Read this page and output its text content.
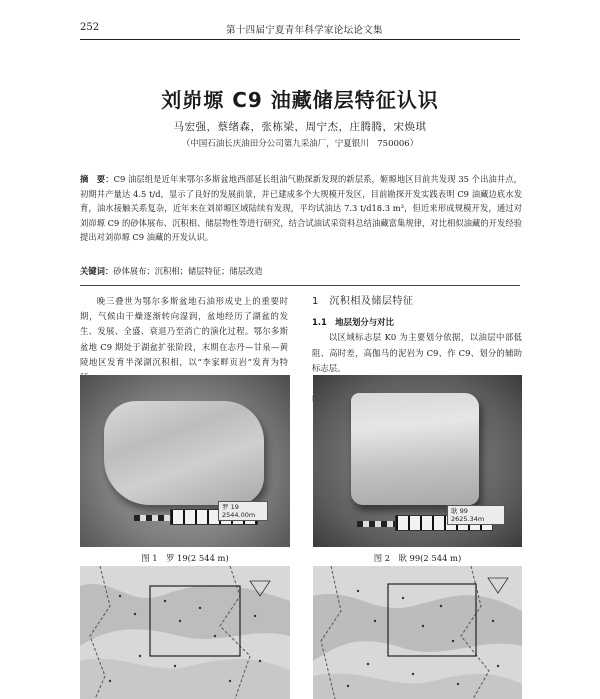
252	第十四届宁夏青年科学家论坛论文集
刘峁塬 C9 油藏储层特征认识
马宏强，蔡绪森，张栋梁，周宁杰，庄腾腾，宋焕琪
（中国石油长庆油田分公司第九采油厂，宁夏银川　750006）
摘　要：C9 油层组是近年来鄂尔多斯盆地西部延长组油气勘探新发现的新层系，姬塬地区目前共发现 35 个出油井点，初期井产量达 4.5 t/d，显示了良好的发展前景，并已建成多个大规模开发区，目前勘探开发实践表明 C9 油藏边底水发育，油水接触关系复杂，近年来在刘峁塬区域陆续有发现，平均试油达 7.3 t/d18.3 m³，但近来形成规模开发，通过对刘峁塬 C9 的砂体展布、沉积相、储层物性等进行研究，结合试油试采资料总结油藏富集规律，对比相似油藏的开发经验提出对刘峁塬 C9 油藏的开发认识。
关键词：砂体展布；沉积相；储层特征；储层改造

晚三叠世为鄂尔多斯盆地石油形成史上的重要时期，气候由干燥逐渐转向湿润，盆地经历了湖盆的发生、发展、全盛、衰退乃至消亡的演化过程。鄂尔多斯盆地 C9 期处于湖盆扩张阶段，末期在志丹—甘泉—黄陵地区发育半深湖沉积相，以“李家畔页岩”发育为特

1　沉积相及储层特征
1.1　地层划分与对比

以区域标志层 K0 为主要划分依据，以油层中部低阻、高时差，高伽马的泥岩为 C9、作 C9、划分的辅助标志层。

罗 19
2544.00m	耿 99
2625.34m
图 1　罗 19(2 544 m)	图 2　耿 99(2 544 m)
